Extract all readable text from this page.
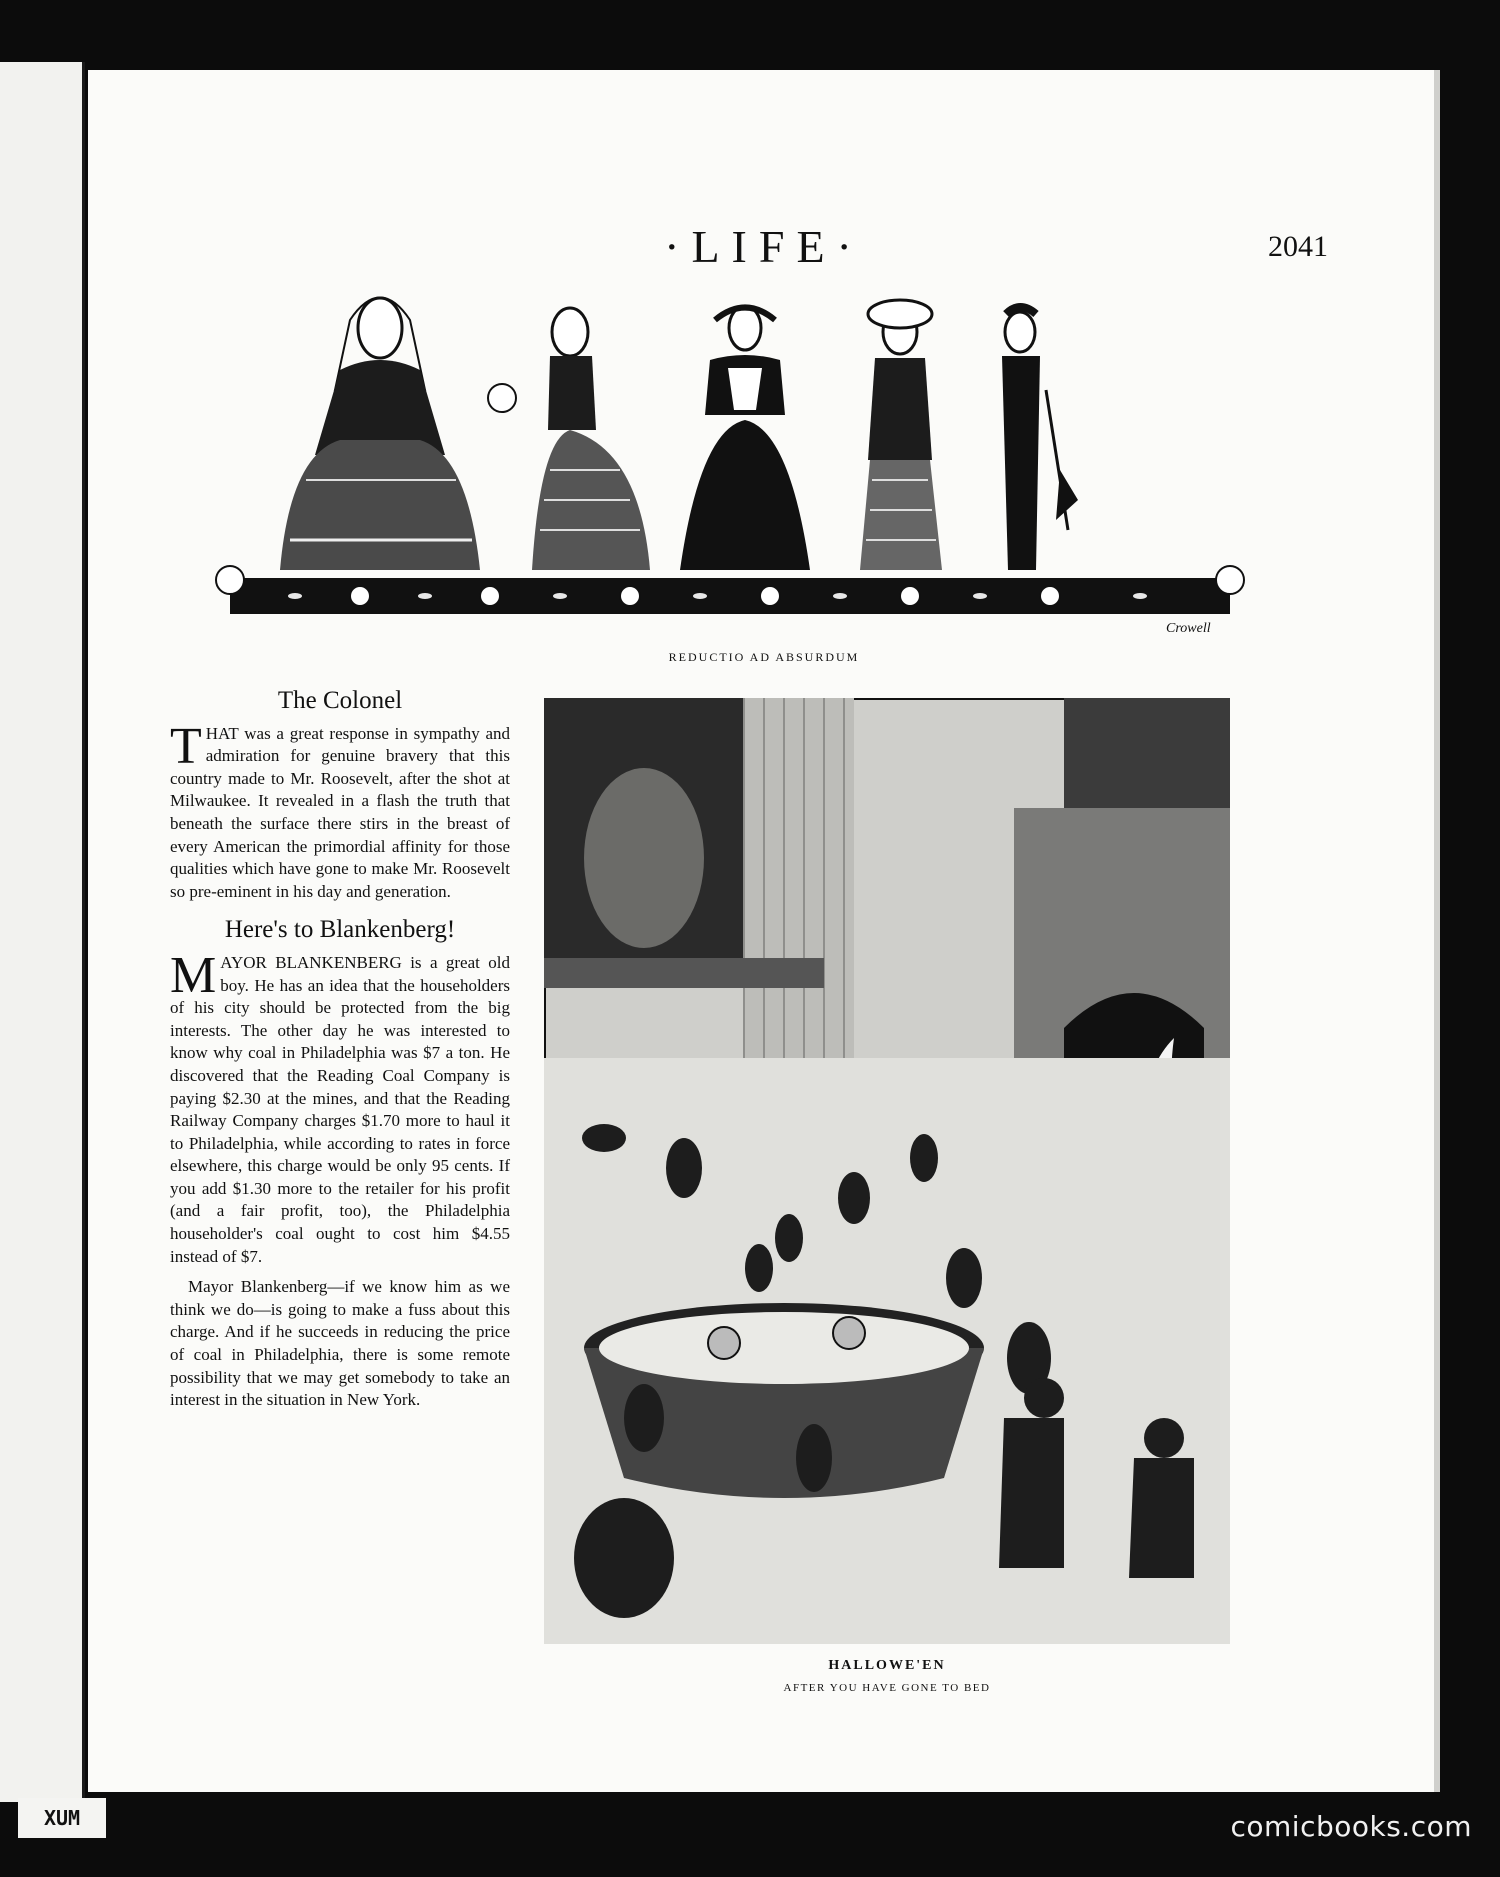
·LIFE·	2041
Crowell
REDUCTIO AD ABSURDUM
The Colonel

THAT was a great response in sympathy and admiration for genuine bravery that this country made to Mr. Roosevelt, after the shot at Milwaukee. It revealed in a flash the truth that beneath the surface there stirs in the breast of every American the primordial affinity for those qualities which have gone to make Mr. Roosevelt so pre-eminent in his day and generation.

Here's to Blankenberg!

MAYOR BLANKENBERG is a great old boy. He has an idea that the householders of his city should be protected from the big interests. The other day he was interested to know why coal in Philadelphia was $7 a ton. He discovered that the Reading Coal Company is paying $2.30 at the mines, and that the Reading Railway Company charges $1.70 more to haul it to Philadelphia, while according to rates in force elsewhere, this charge would be only 95 cents. If you add $1.30 more to the retailer for his profit (and a fair profit, too), the Philadelphia householder's coal ought to cost him $4.55 instead of $7.

Mayor Blankenberg—if we know him as we think we do—is going to make a fuss about this charge. And if he succeeds in reducing the price of coal in Philadelphia, there is some remote possibility that we may get somebody to take an interest in the situation in New York.

HALLOWE'EN
AFTER YOU HAVE GONE TO BED
XUM	comicbooks.com
